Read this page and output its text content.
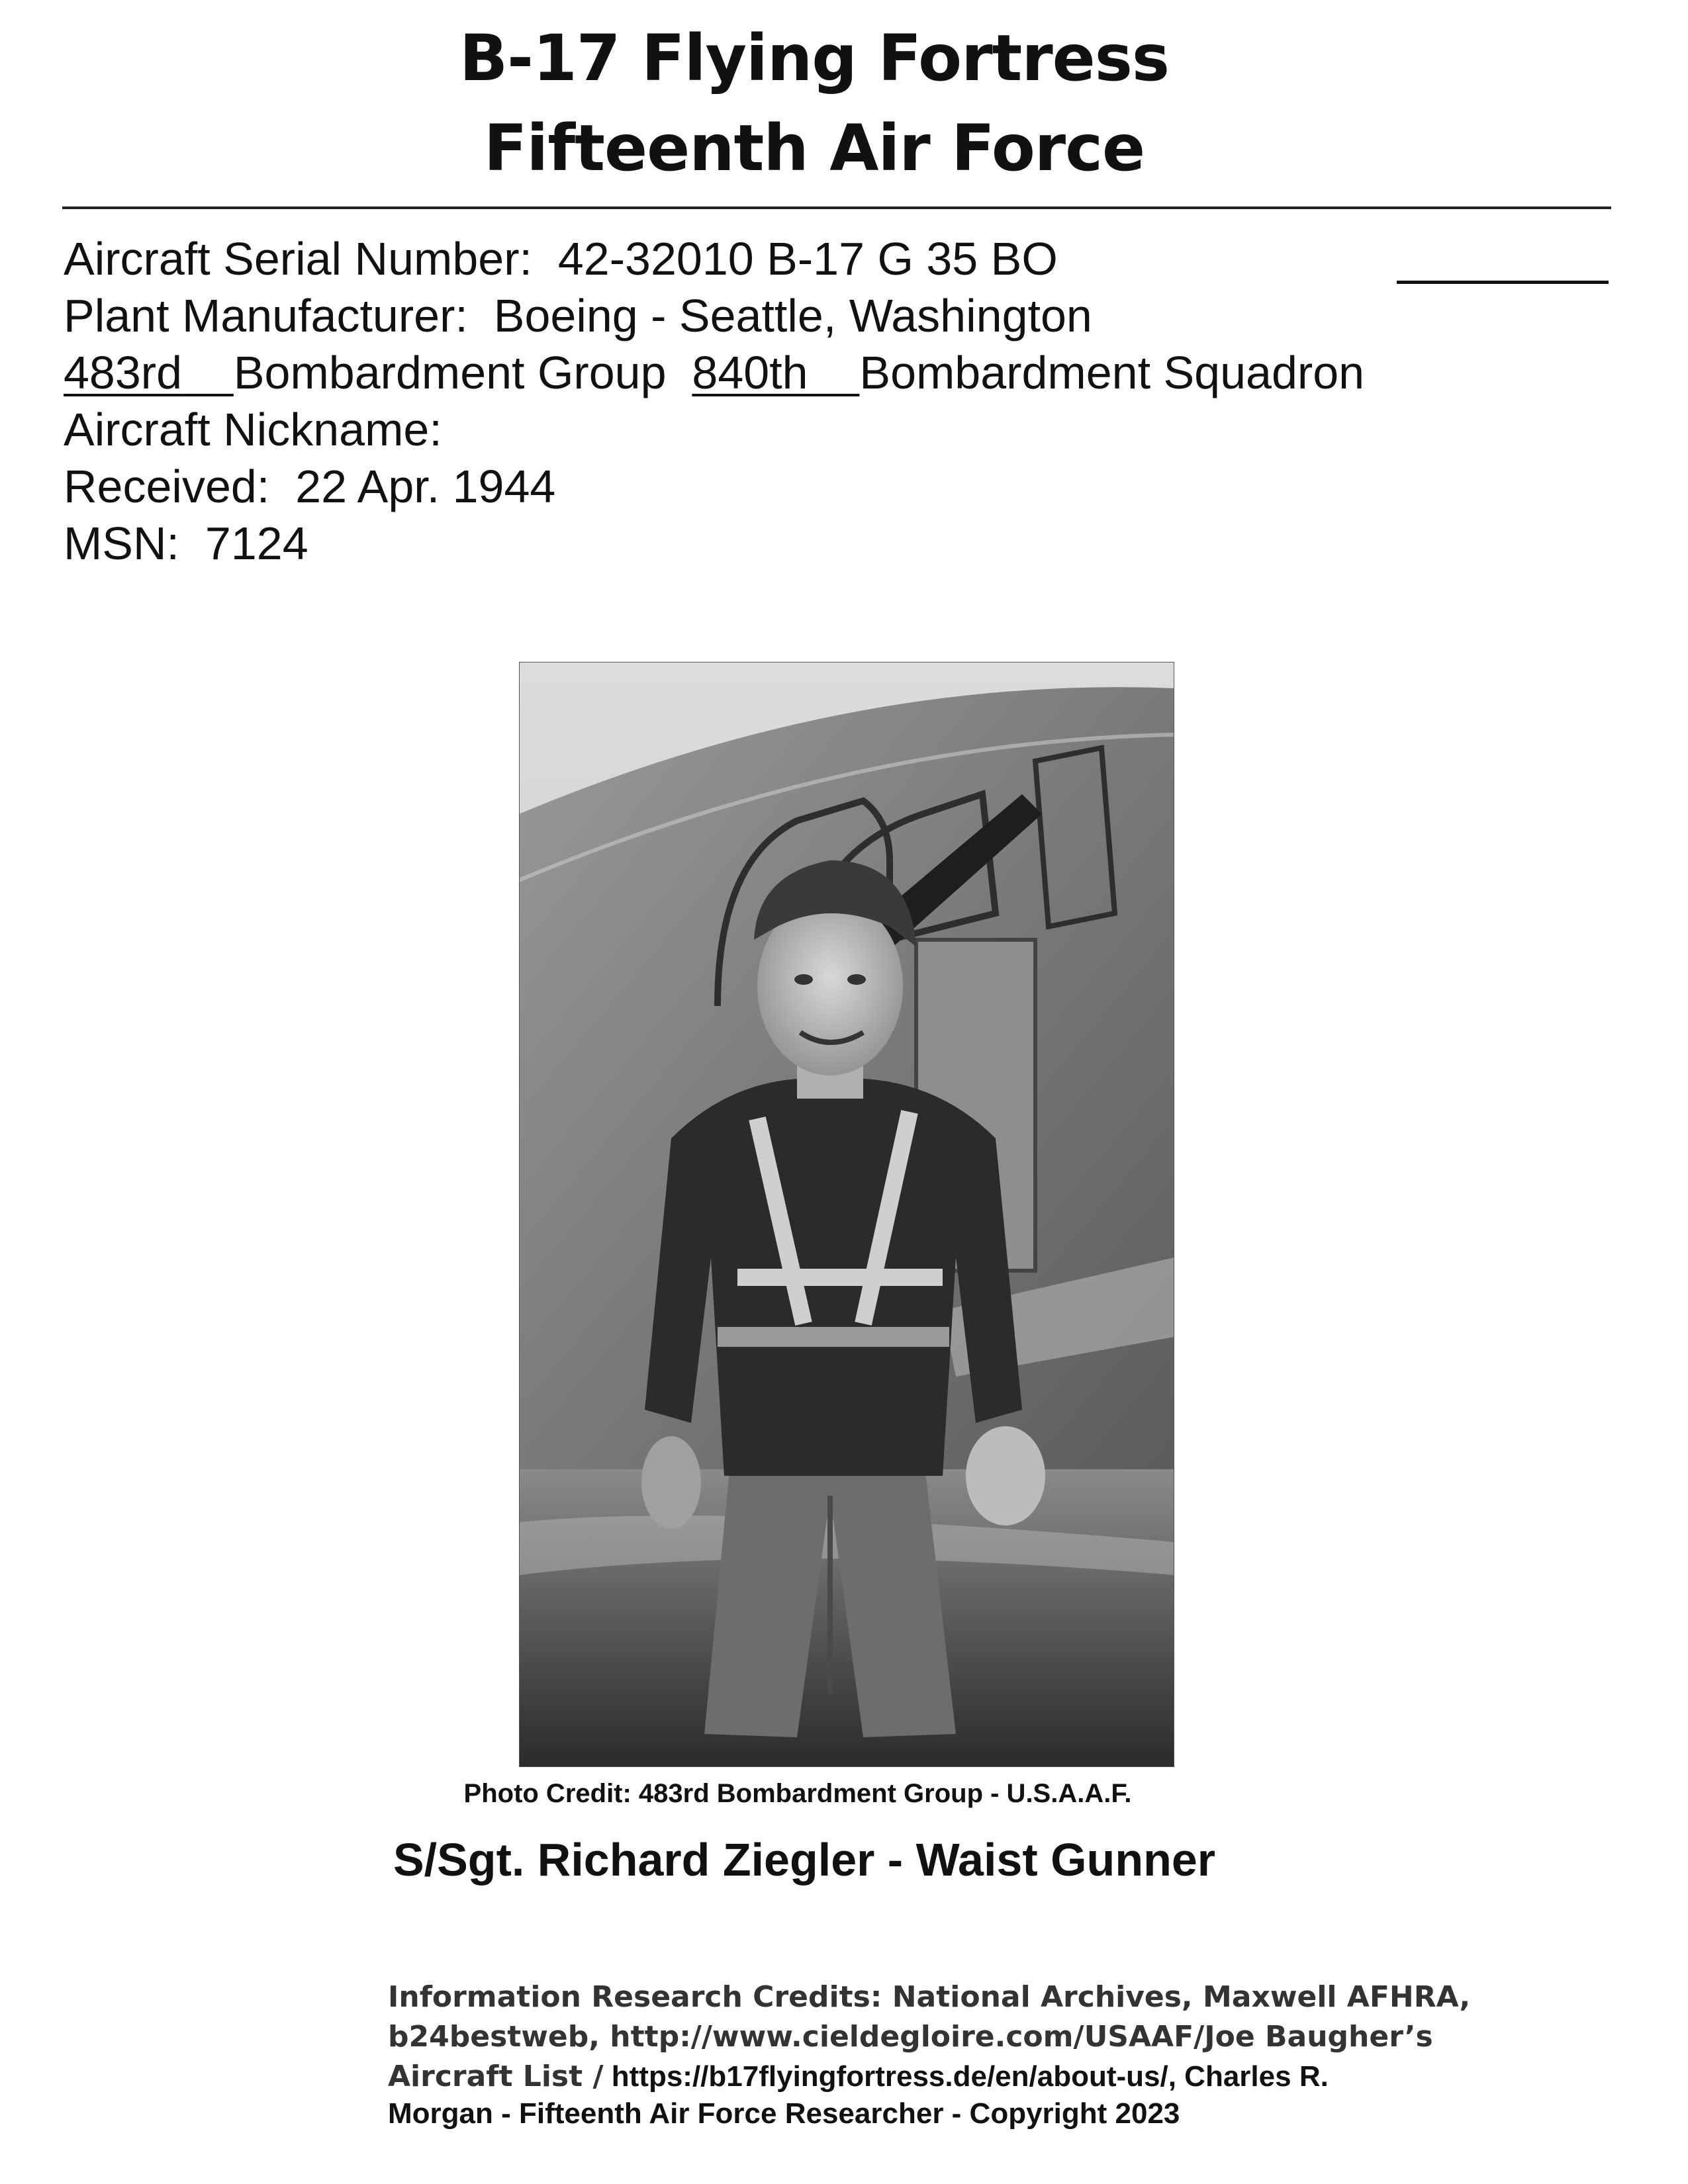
B-17 Flying Fortress
Fifteenth Air Force
Aircraft Serial Number: 42-32010 B-17 G 35 BO
Plant Manufacturer: Boeing - Seattle, Washington
483rd Bombardment Group 840th Bombardment Squadron
Aircraft Nickname:
Received: 22 Apr. 1944
MSN: 7124
Photo Credit: 483rd Bombardment Group - U.S.A.A.F.
S/Sgt. Richard Ziegler - Waist Gunner
Information Research Credits: National Archives, Maxwell AFHRA,
b24bestweb, http://www.cieldegloire.com/USAAF/Joe Baugher’s
Aircraft List / https://b17flyingfortress.de/en/about-us/, Charles R.
Morgan - Fifteenth Air Force Researcher - Copyright 2023
